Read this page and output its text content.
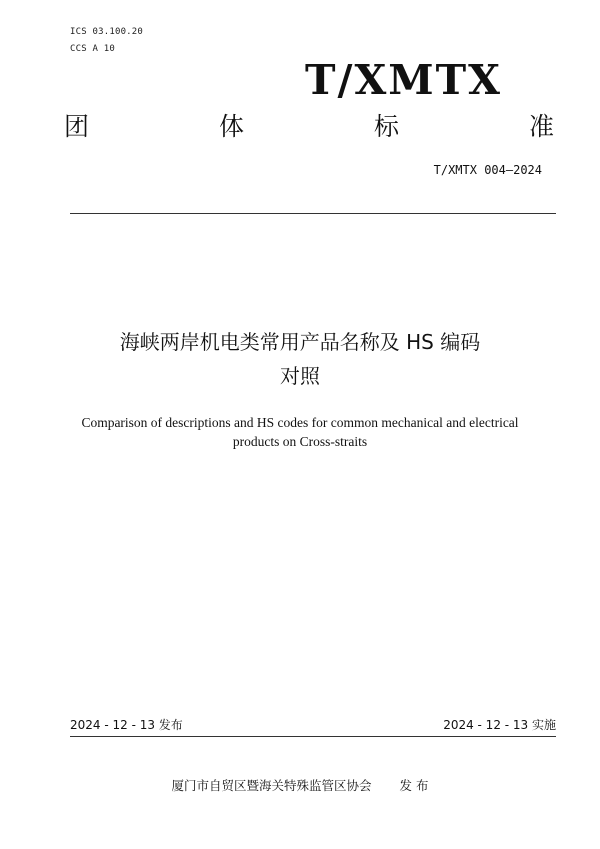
ICS 03.100.20
CCS A 10
T/XMTX
团	体	标	准
T/XMTX 004—2024
海峡两岸机电类常用产品名称及 HS 编码
对照
Comparison of descriptions and HS codes for common mechanical and electrical
products on Cross-straits
2024 - 12 - 13 发布	2024 - 12 - 13 实施
厦门市自贸区暨海关特殊监管区协会 发 布
